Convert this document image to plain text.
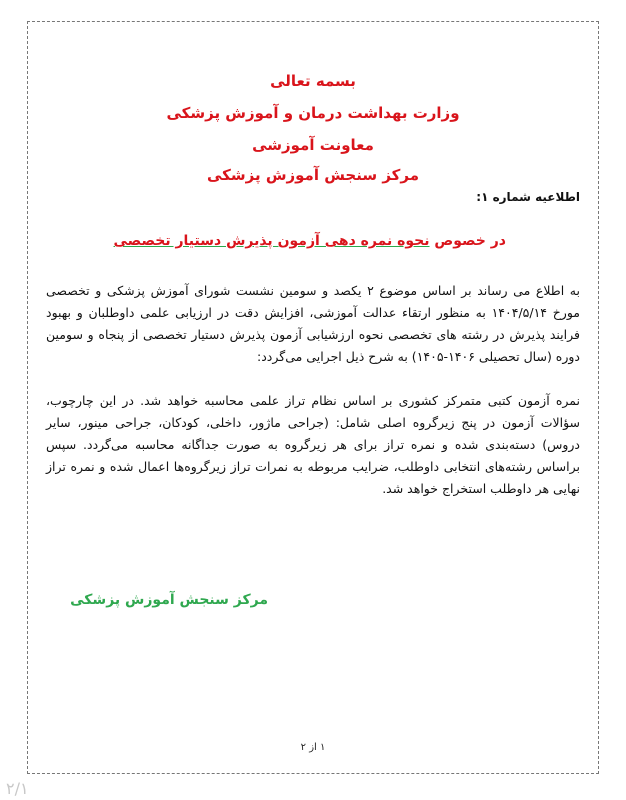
بسمه تعالی
وزارت بهداشت درمان و آموزش پزشکی
معاونت آموزشی
مرکز سنجش آموزش پزشکی
اطلاعیه شماره ۱:
در خصوص نحوه نمره دهی آزمون پذیرش دستیار تخصصی

به اطلاع می رساند بر اساس موضوع ۲ یکصد و سومین نشست شورای آموزش پزشکی و تخصصی مورخ ۱۴۰۴/۵/۱۴ به منظور ارتقاء عدالت آموزشی، افزایش دقت در ارزیابی علمی داوطلبان و بهبود فرایند پذیرش در رشته های تخصصی نحوه ارزشیابی آزمون پذیرش دستیار تخصصی از پنجاه و سومین دوره (سال تحصیلی ۱۴۰۶-۱۴۰۵) به شرح ذیل اجرایی می‌گردد:

نمره آزمون کتبی متمرکز کشوری بر اساس نظام تراز علمی محاسبه خواهد شد. در این چارچوب، سؤالات آزمون در پنج زیرگروه اصلی شامل: (جراحی ماژور، داخلی، کودکان، جراحی مینور، سایر دروس) دسته‌بندی شده و نمره تراز برای هر زیرگروه به صورت جداگانه محاسبه می‌گردد. سپس براساس رشته‌های انتخابی داوطلب، ضرایب مربوطه به نمرات تراز زیرگروه‌ها اعمال شده و نمره تراز نهایی هر داوطلب استخراج خواهد شد.

مرکز سنجش آموزش پزشکی
۱ از ۲
۲/۱
